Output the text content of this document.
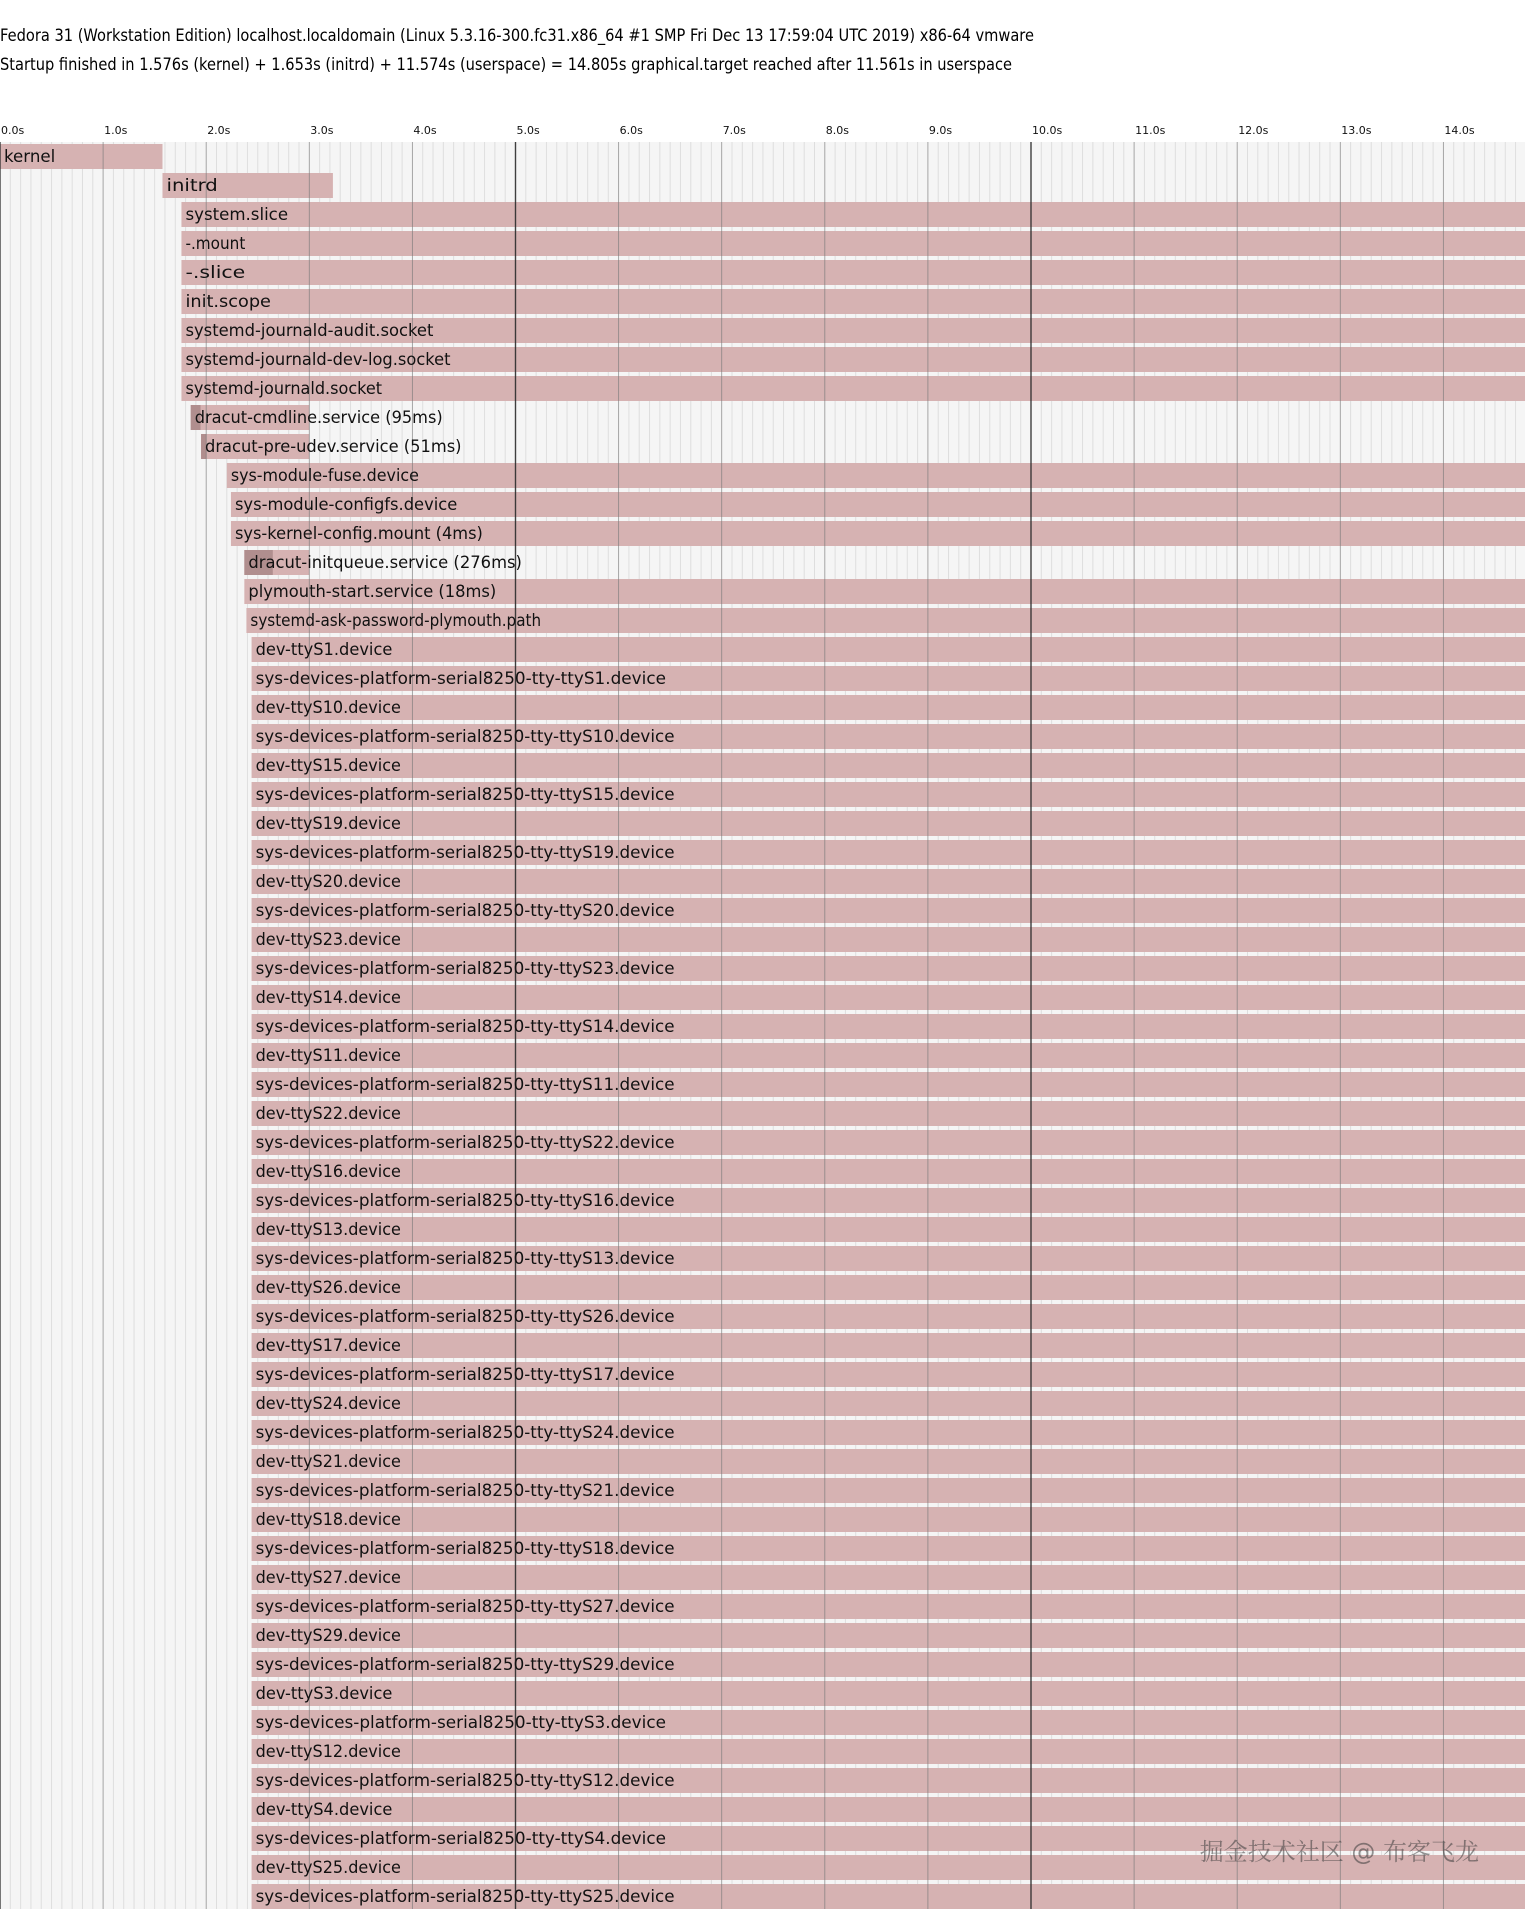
Fedora 31 (Workstation Edition) localhost.localdomain (Linux 5.3.16-300.fc31.x86_64 #1 SMP Fri Dec 13 17:59:04 UTC 2019) x86-64 vmware
Startup finished in 1.576s (kernel) + 1.653s (initrd) + 11.574s (userspace) = 14.805s graphical.target reached after 11.561s in userspace
0.0s	1.0s	2.0s	3.0s	4.0s	5.0s	6.0s	7.0s	8.0s	9.0s	10.0s	11.0s	12.0s	13.0s	14.0s
kernel
initrd
system.slice
-.mount
-.slice
init.scope
systemd-journald-audit.socket
systemd-journald-dev-log.socket
systemd-journald.socket
dracut-cmdline.service (95ms)
dracut-pre-udev.service (51ms)
sys-module-fuse.device
sys-module-configfs.device
sys-kernel-config.mount (4ms)
dracut-initqueue.service (276ms)
plymouth-start.service (18ms)
systemd-ask-password-plymouth.path
dev-ttyS1.device
sys-devices-platform-serial8250-tty-ttyS1.device
dev-ttyS10.device
sys-devices-platform-serial8250-tty-ttyS10.device
dev-ttyS15.device
sys-devices-platform-serial8250-tty-ttyS15.device
dev-ttyS19.device
sys-devices-platform-serial8250-tty-ttyS19.device
dev-ttyS20.device
sys-devices-platform-serial8250-tty-ttyS20.device
dev-ttyS23.device
sys-devices-platform-serial8250-tty-ttyS23.device
dev-ttyS14.device
sys-devices-platform-serial8250-tty-ttyS14.device
dev-ttyS11.device
sys-devices-platform-serial8250-tty-ttyS11.device
dev-ttyS22.device
sys-devices-platform-serial8250-tty-ttyS22.device
dev-ttyS16.device
sys-devices-platform-serial8250-tty-ttyS16.device
dev-ttyS13.device
sys-devices-platform-serial8250-tty-ttyS13.device
dev-ttyS26.device
sys-devices-platform-serial8250-tty-ttyS26.device
dev-ttyS17.device
sys-devices-platform-serial8250-tty-ttyS17.device
dev-ttyS24.device
sys-devices-platform-serial8250-tty-ttyS24.device
dev-ttyS21.device
sys-devices-platform-serial8250-tty-ttyS21.device
dev-ttyS18.device
sys-devices-platform-serial8250-tty-ttyS18.device
dev-ttyS27.device
sys-devices-platform-serial8250-tty-ttyS27.device
dev-ttyS29.device
sys-devices-platform-serial8250-tty-ttyS29.device
dev-ttyS3.device
sys-devices-platform-serial8250-tty-ttyS3.device
dev-ttyS12.device
sys-devices-platform-serial8250-tty-ttyS12.device
dev-ttyS4.device
sys-devices-platform-serial8250-tty-ttyS4.device
dev-ttyS25.device
sys-devices-platform-serial8250-tty-ttyS25.device
掘金技术社区 @ 布客飞龙
